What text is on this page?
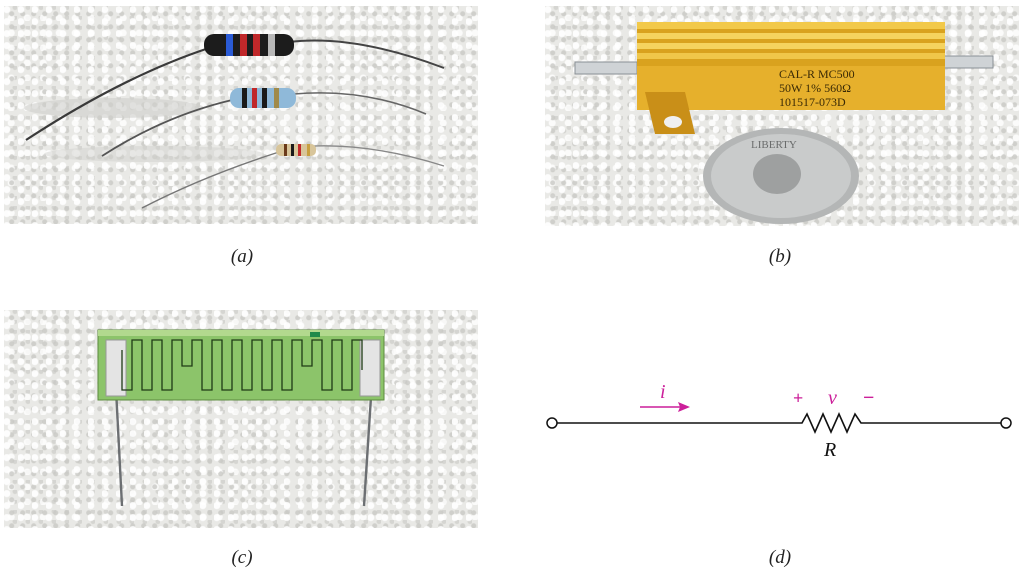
(a)
CAL-R MC500
50W 1% 560Ω
101517-073D
LIBERTY
(b)
(c)
i	+ v −
R
(d)
